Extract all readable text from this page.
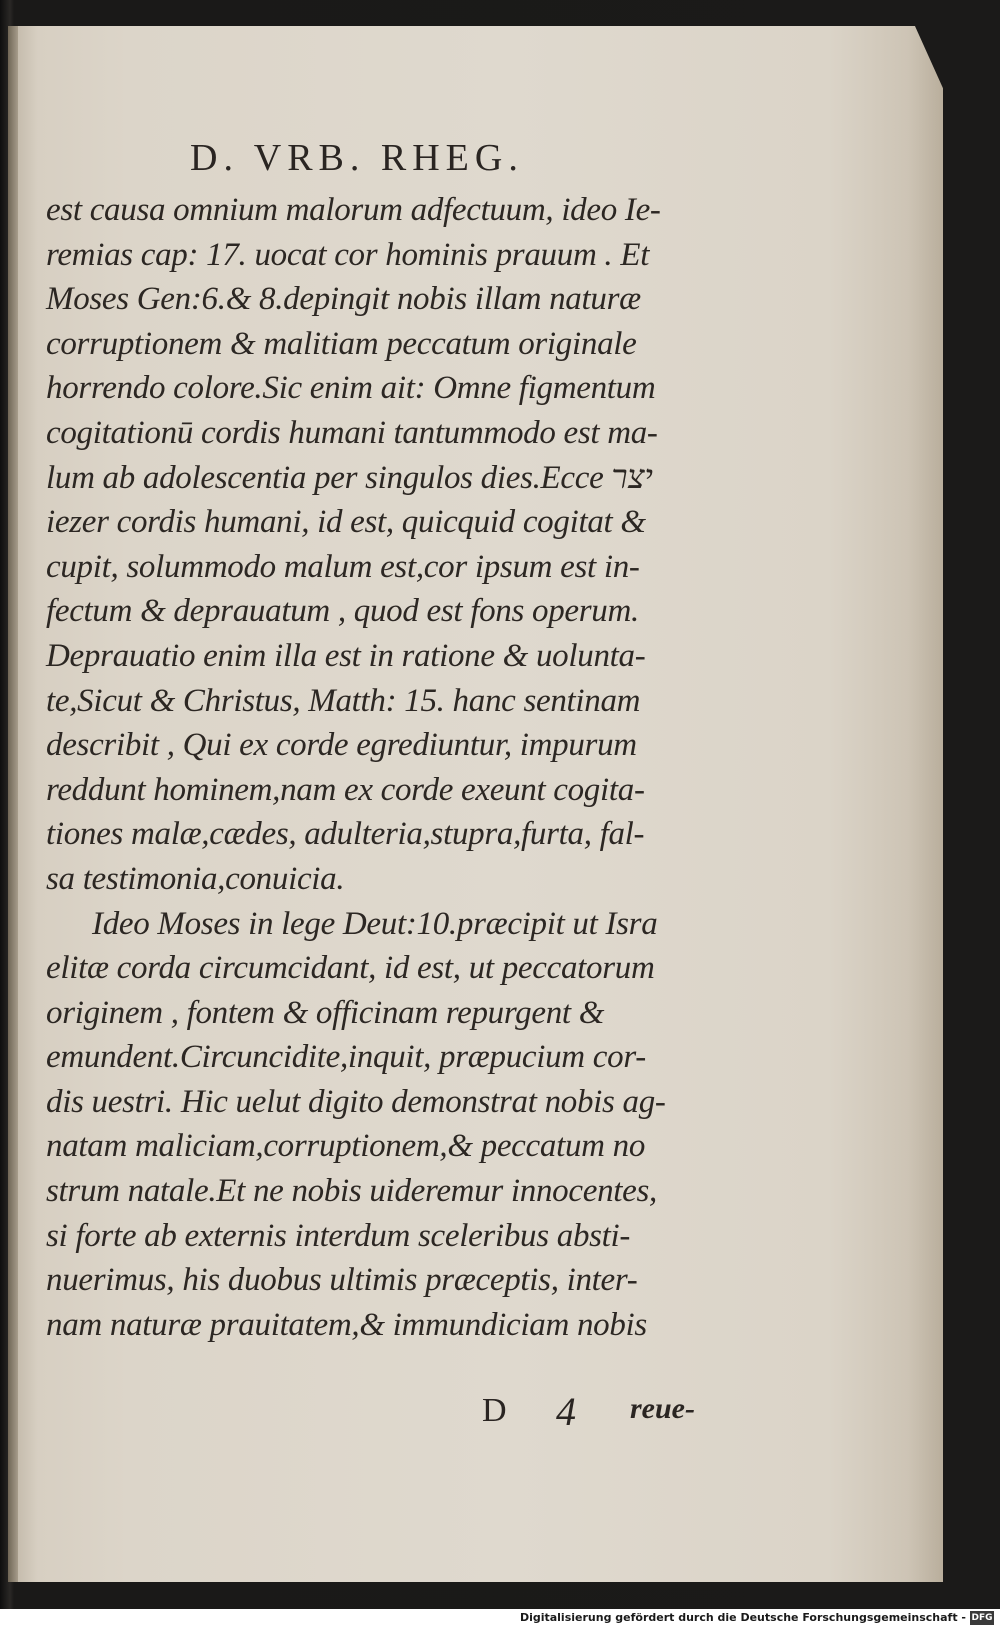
D. VRB. RHEG.
est causa omnium malorum adfectuum, ideo Ie-
remias cap: 17. uocat cor hominis prauum . Et
Moses Gen:6.& 8.depingit nobis illam naturæ
corruptionem & malitiam peccatum originale
horrendo colore.Sic enim ait: Omne figmentum
cogitationū cordis humani tantummodo est ma-
lum ab adolescentia per singulos dies.Ecce יצר
iezer cordis humani, id est, quicquid cogitat &
cupit, solummodo malum est,cor ipsum est in-
fectum & deprauatum , quod est fons operum.
Deprauatio enim illa est in ratione & uolunta-
te,Sicut & Christus, Matth: 15. hanc sentinam
describit , Qui ex corde egrediuntur, impurum
reddunt hominem,nam ex corde exeunt cogita-
tiones malæ,cædes, adulteria,stupra,furta, fal-
sa testimonia,conuicia.
Ideo Moses in lege Deut:10.præcipit ut Isra
elitæ corda circumcidant, id est, ut peccatorum
originem , fontem & officinam repurgent &
emundent.Circuncidite,inquit, præpucium cor-
dis uestri. Hic uelut digito demonstrat nobis ag-
natam maliciam,corruptionem,& peccatum no
strum natale.Et ne nobis uideremur innocentes,
si forte ab externis interdum sceleribus absti-
nuerimus, his duobus ultimis præceptis, inter-
nam naturæ prauitatem,& immundiciam nobis
D 4 reue-
Digitalisierung gefördert durch die Deutsche Forschungsgemeinschaft - DFG
